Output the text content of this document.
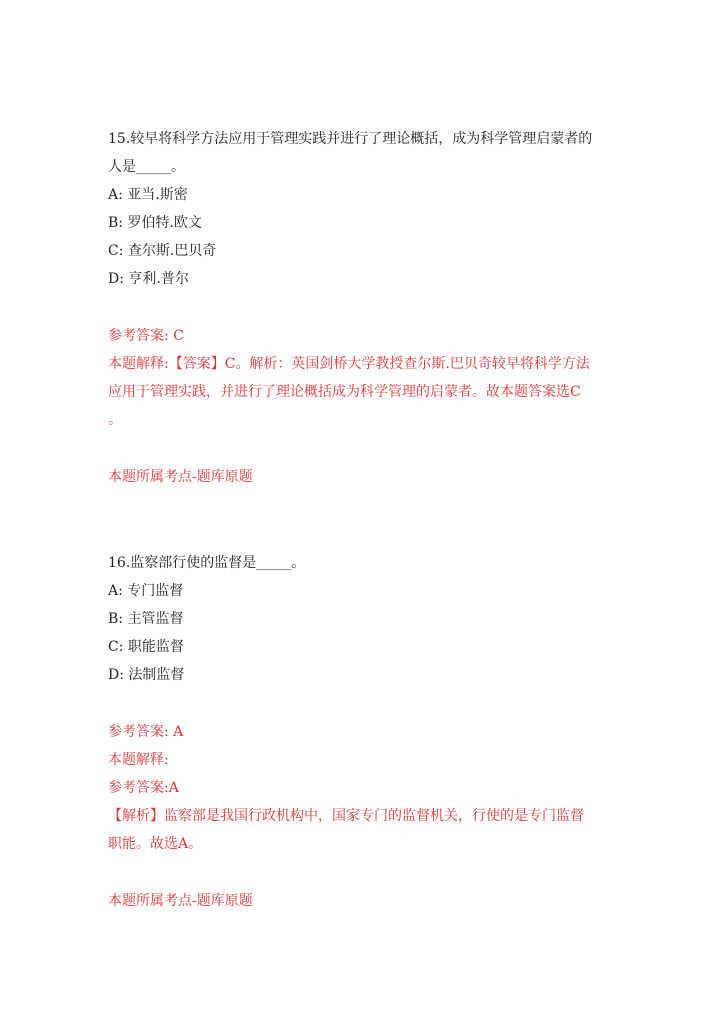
15.较早将科学方法应用于管理实践并进行了理论概括，成为科学管理启蒙者的

人是_____。

A: 亚当.斯密

B: 罗伯特.欧文

C: 查尔斯.巴贝奇

D: 亨利.普尔

参考答案: C

本题解释:【答案】C。解析：英国剑桥大学教授查尔斯.巴贝奇较早将科学方法

应用于管理实践，并进行了理论概括成为科学管理的启蒙者。故本题答案选C

。

本题所属考点-题库原题

16.监察部行使的监督是_____。

A: 专门监督

B: 主管监督

C: 职能监督

D: 法制监督

参考答案: A

本题解释:

参考答案:A

【解析】监察部是我国行政机构中，国家专门的监督机关，行使的是专门监督

职能。故选A。

本题所属考点-题库原题
